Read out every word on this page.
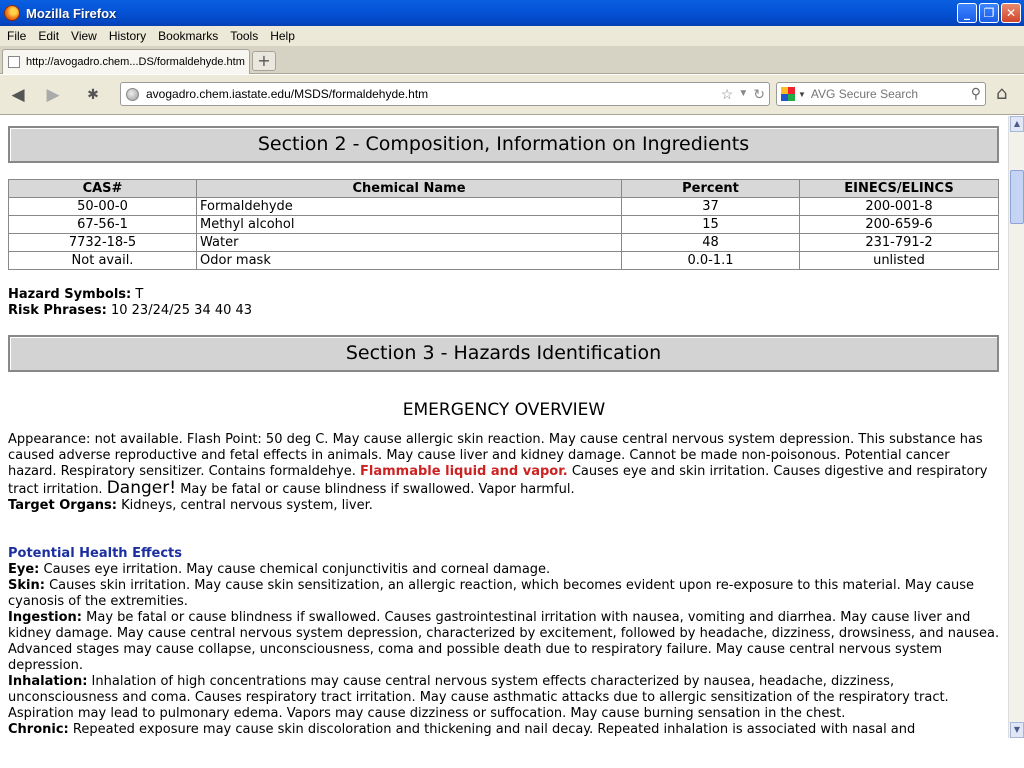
Mozilla Firefox	_	❐ ✕
File	Edit	View	History	Bookmarks	Tools	Help
http://avogadro.chem...DS/formaldehyde.htm +
◀ ▶	✱	avogadro.chem.iastate.edu/MSDS/formaldehyde.htm	☆ ▼ ↻	▼
AVG Secure Search	⚲ ⌂
Section 2 - Composition, Information on Ingredients
CAS#	Chemical Name	Percent	EINECS/ELINCS
50-00-0	Formaldehyde	37	200-001-8
67-56-1	Methyl alcohol	15	200-659-6
7732-18-5	Water	48	231-791-2
Not avail.	Odor mask	0.0-1.1	unlisted
Hazard Symbols: T
Risk Phrases: 10 23/24/25 34 40 43
Section 3 - Hazards Identification
EMERGENCY OVERVIEW
Appearance: not available. Flash Point: 50 deg C. May cause allergic skin reaction. May cause central nervous system depression. This substance has caused adverse reproductive and fetal effects in animals. May cause liver and kidney damage. Cannot be made non-poisonous. Potential cancer hazard. Respiratory sensitizer. Contains formaldehye. Flammable liquid and vapor. Causes eye and skin irritation. Causes digestive and respiratory tract irritation. Danger! May be fatal or cause blindness if swallowed. Vapor harmful.
Target Organs: Kidneys, central nervous system, liver.
Potential Health Effects
Eye: Causes eye irritation. May cause chemical conjunctivitis and corneal damage.
Skin: Causes skin irritation. May cause skin sensitization, an allergic reaction, which becomes evident upon re-exposure to this material. May cause cyanosis of the extremities.
Ingestion: May be fatal or cause blindness if swallowed. Causes gastrointestinal irritation with nausea, vomiting and diarrhea. May cause liver and kidney damage. May cause central nervous system depression, characterized by excitement, followed by headache, dizziness, drowsiness, and nausea. Advanced stages may cause collapse, unconsciousness, coma and possible death due to respiratory failure. May cause central nervous system depression.
Inhalation: Inhalation of high concentrations may cause central nervous system effects characterized by nausea, headache, dizziness, unconsciousness and coma. Causes respiratory tract irritation. May cause asthmatic attacks due to allergic sensitization of the respiratory tract. Aspiration may lead to pulmonary edema. Vapors may cause dizziness or suffocation. May cause burning sensation in the chest.
Chronic: Repeated exposure may cause skin discoloration and thickening and nail decay. Repeated inhalation is associated with nasal and
▲
▼
